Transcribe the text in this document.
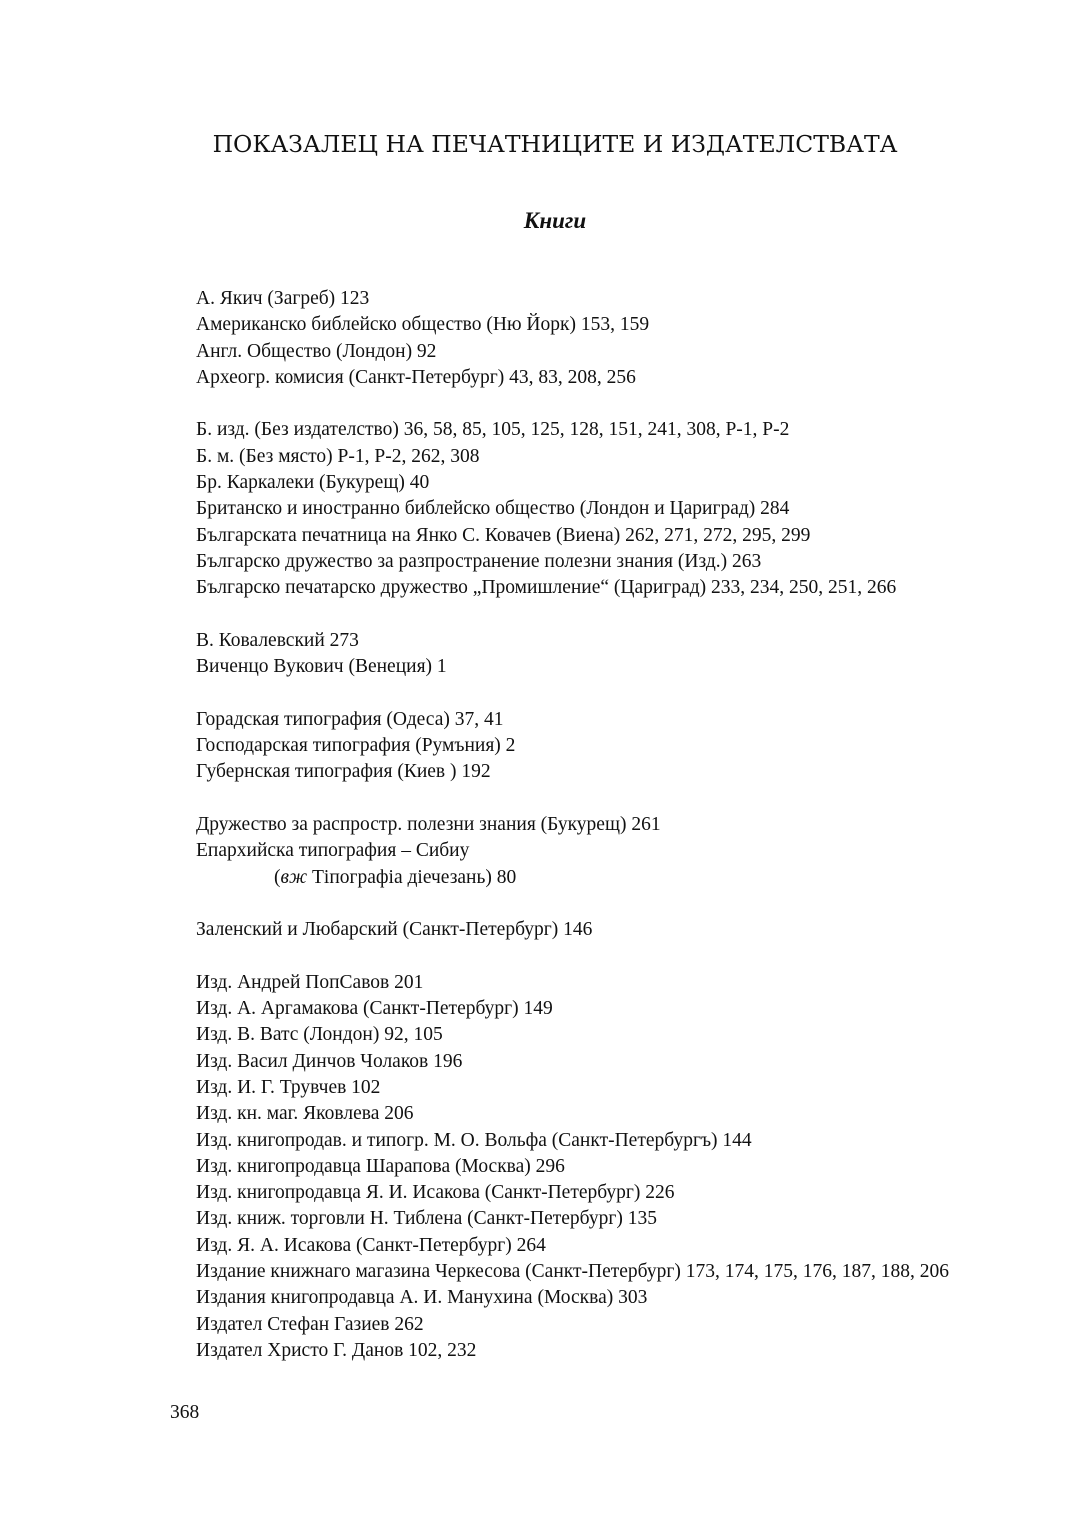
ПОКАЗАЛЕЦ НА ПЕЧАТНИЦИТЕ И ИЗДАТЕЛСТВАТА
Книги

А. Якич (Загреб) 123

Американско библейско общество (Ню Йорк) 153, 159

Англ. Общество (Лондон) 92

Археогр. комисия (Санкт-Петербург) 43, 83, 208, 256

Б. изд. (Без издателство) 36, 58, 85, 105, 125, 128, 151, 241, 308, Р-1, Р-2

Б. м. (Без място) Р-1, Р-2, 262, 308

Бр. Каркалеки (Букурещ) 40

Британско и иностранно библейско общество (Лондон и Цариград) 284

Българската печатница на Янко С. Ковачев (Виена) 262, 271, 272, 295, 299

Българско дружество за разпространение полезни знания (Изд.) 263

Българско печатарско дружество „Промишление“ (Цариград) 233, 234, 250, 251, 266

В. Ковалевский 273

Виченцо Вукович (Венеция) 1

Горадская типография (Одеса) 37, 41

Господарская типография (Румъния) 2

Губернская типография (Киев ) 192

Дружество за распростр. полезни знания (Букурещ) 261

Епархийска типография – Сибиу

(вж Тіпографіа діечезань) 80

Заленский и Любарский (Санкт-Петербург) 146

Изд. Андрей ПопСавов 201

Изд. А. Аргамакова (Санкт-Петербург) 149

Изд. В. Ватс (Лондон) 92, 105

Изд. Васил Динчов Чолаков 196

Изд. И. Г. Трувчев 102

Изд. кн. маг. Яковлева 206

Изд. книгопродав. и типогр. М. О. Вольфа (Санкт-Петербургъ) 144

Изд. книгопродавца Шарапова (Москва) 296

Изд. книгопродавца Я. И. Исакова (Санкт-Петербург) 226

Изд. книж. торговли Н. Тиблена (Санкт-Петербург) 135

Изд. Я. А. Исакова (Санкт-Петербург) 264

Издание книжнаго магазина Черкесова (Санкт-Петербург) 173, 174, 175, 176, 187, 188, 206

Издания книгопродавца А. И. Манухина (Москва) 303

Издател Стефан Газиев 262

Издател Христо Г. Данов 102, 232

368
